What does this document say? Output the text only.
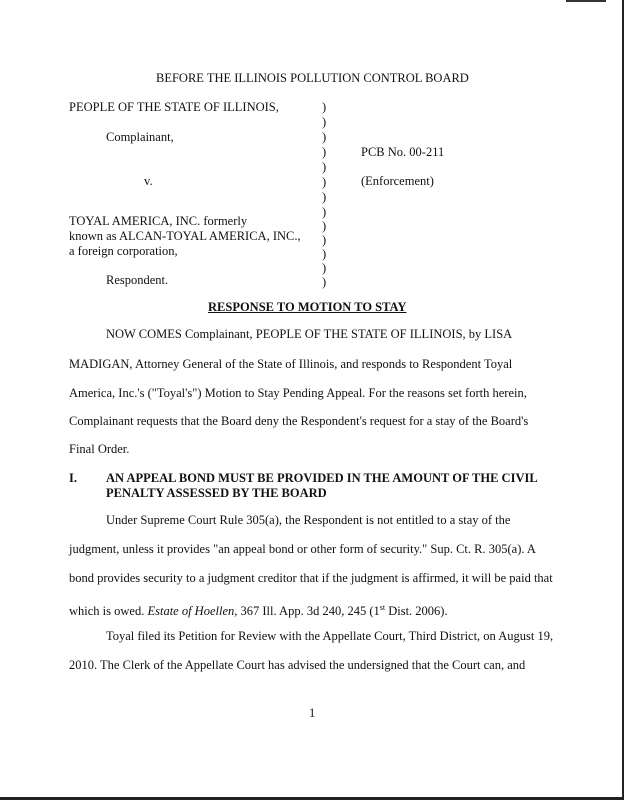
BEFORE THE ILLINOIS POLLUTION CONTROL BOARD
PEOPLE OF THE STATE OF ILLINOIS,
Complainant,
v.
TOYAL AMERICA, INC. formerly
known as ALCAN-TOYAL AMERICA, INC.,
a foreign corporation,
Respondent.
)
)
)
)
)
)
)
)
)
)
)
)
)
PCB No. 00-211
(Enforcement)
RESPONSE TO MOTION TO STAY
NOW COMES Complainant, PEOPLE OF THE STATE OF ILLINOIS, by LISA
MADIGAN, Attorney General of the State of Illinois, and responds to Respondent Toyal
America, Inc.'s ("Toyal's") Motion to Stay Pending Appeal. For the reasons set forth herein,
Complainant requests that the Board deny the Respondent's request for a stay of the Board's
Final Order.
I. AN APPEAL BOND MUST BE PROVIDED IN THE AMOUNT OF THE CIVIL
PENALTY ASSESSED BY THE BOARD
Under Supreme Court Rule 305(a), the Respondent is not entitled to a stay of the
judgment, unless it provides "an appeal bond or other form of security." Sup. Ct. R. 305(a). A
bond provides security to a judgment creditor that if the judgment is affirmed, it will be paid that
which is owed. Estate of Hoellen, 367 Ill. App. 3d 240, 245 (1st Dist. 2006).
Toyal filed its Petition for Review with the Appellate Court, Third District, on August 19,
2010. The Clerk of the Appellate Court has advised the undersigned that the Court can, and
1
